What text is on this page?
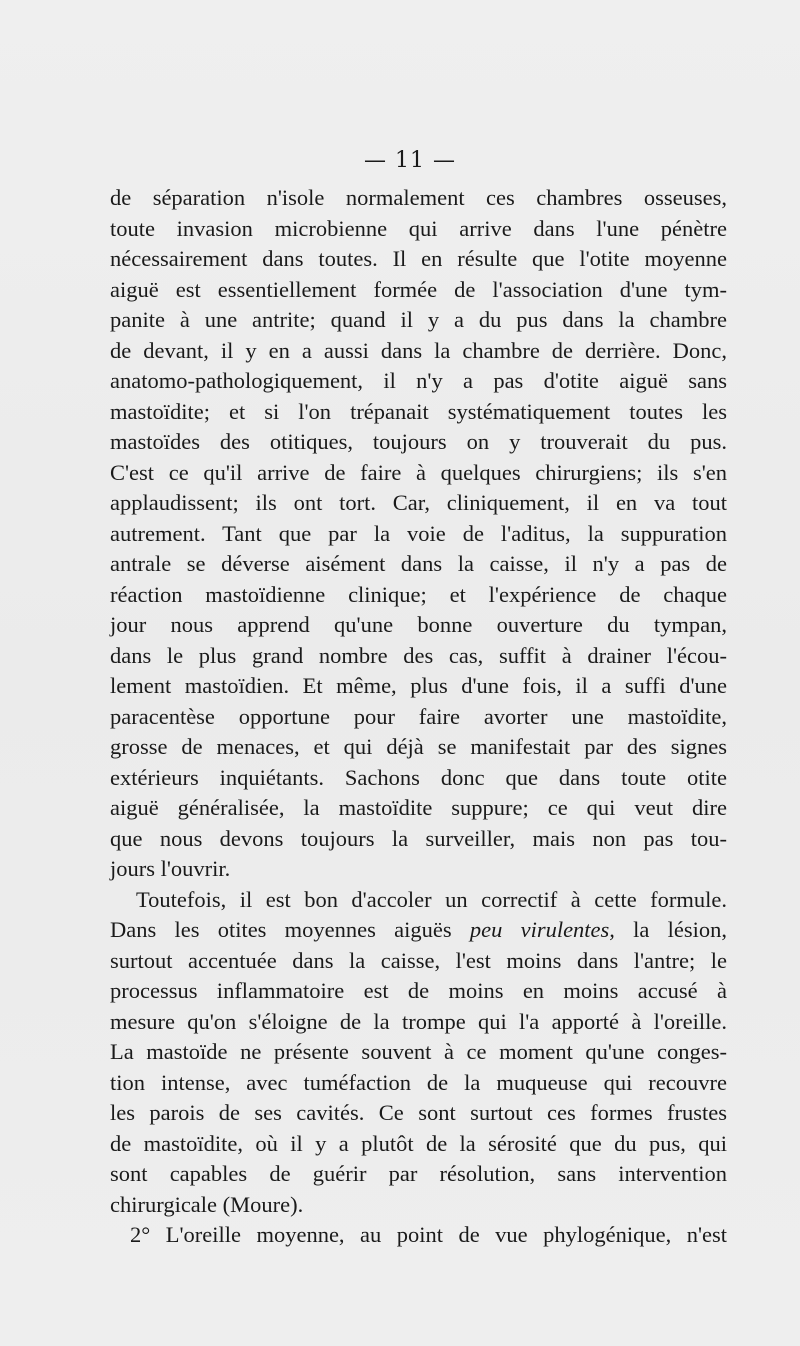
— 11 —
de séparation n'isole normalement ces chambres osseuses,
toute invasion microbienne qui arrive dans l'une pénètre
nécessairement dans toutes. Il en résulte que l'otite moyenne
aiguë est essentiellement formée de l'association d'une tym-
panite à une antrite; quand il y a du pus dans la chambre
de devant, il y en a aussi dans la chambre de derrière. Donc,
anatomo-pathologiquement, il n'y a pas d'otite aiguë sans
mastoïdite; et si l'on trépanait systématiquement toutes les
mastoïdes des otitiques, toujours on y trouverait du pus.
C'est ce qu'il arrive de faire à quelques chirurgiens; ils s'en
applaudissent; ils ont tort. Car, cliniquement, il en va tout
autrement. Tant que par la voie de l'aditus, la suppuration
antrale se déverse aisément dans la caisse, il n'y a pas de
réaction mastoïdienne clinique; et l'expérience de chaque
jour nous apprend qu'une bonne ouverture du tympan,
dans le plus grand nombre des cas, suffit à drainer l'écou-
lement mastoïdien. Et même, plus d'une fois, il a suffi d'une
paracentèse opportune pour faire avorter une mastoïdite,
grosse de menaces, et qui déjà se manifestait par des signes
extérieurs inquiétants. Sachons donc que dans toute otite
aiguë généralisée, la mastoïdite suppure; ce qui veut dire
que nous devons toujours la surveiller, mais non pas tou-
jours l'ouvrir.
Toutefois, il est bon d'accoler un correctif à cette formule.
Dans les otites moyennes aiguës peu virulentes, la lésion,
surtout accentuée dans la caisse, l'est moins dans l'antre; le
processus inflammatoire est de moins en moins accusé à
mesure qu'on s'éloigne de la trompe qui l'a apporté à l'oreille.
La mastoïde ne présente souvent à ce moment qu'une conges-
tion intense, avec tuméfaction de la muqueuse qui recouvre
les parois de ses cavités. Ce sont surtout ces formes frustes
de mastoïdite, où il y a plutôt de la sérosité que du pus, qui
sont capables de guérir par résolution, sans intervention
chirurgicale (Moure).
2° L'oreille moyenne, au point de vue phylogénique, n'est
